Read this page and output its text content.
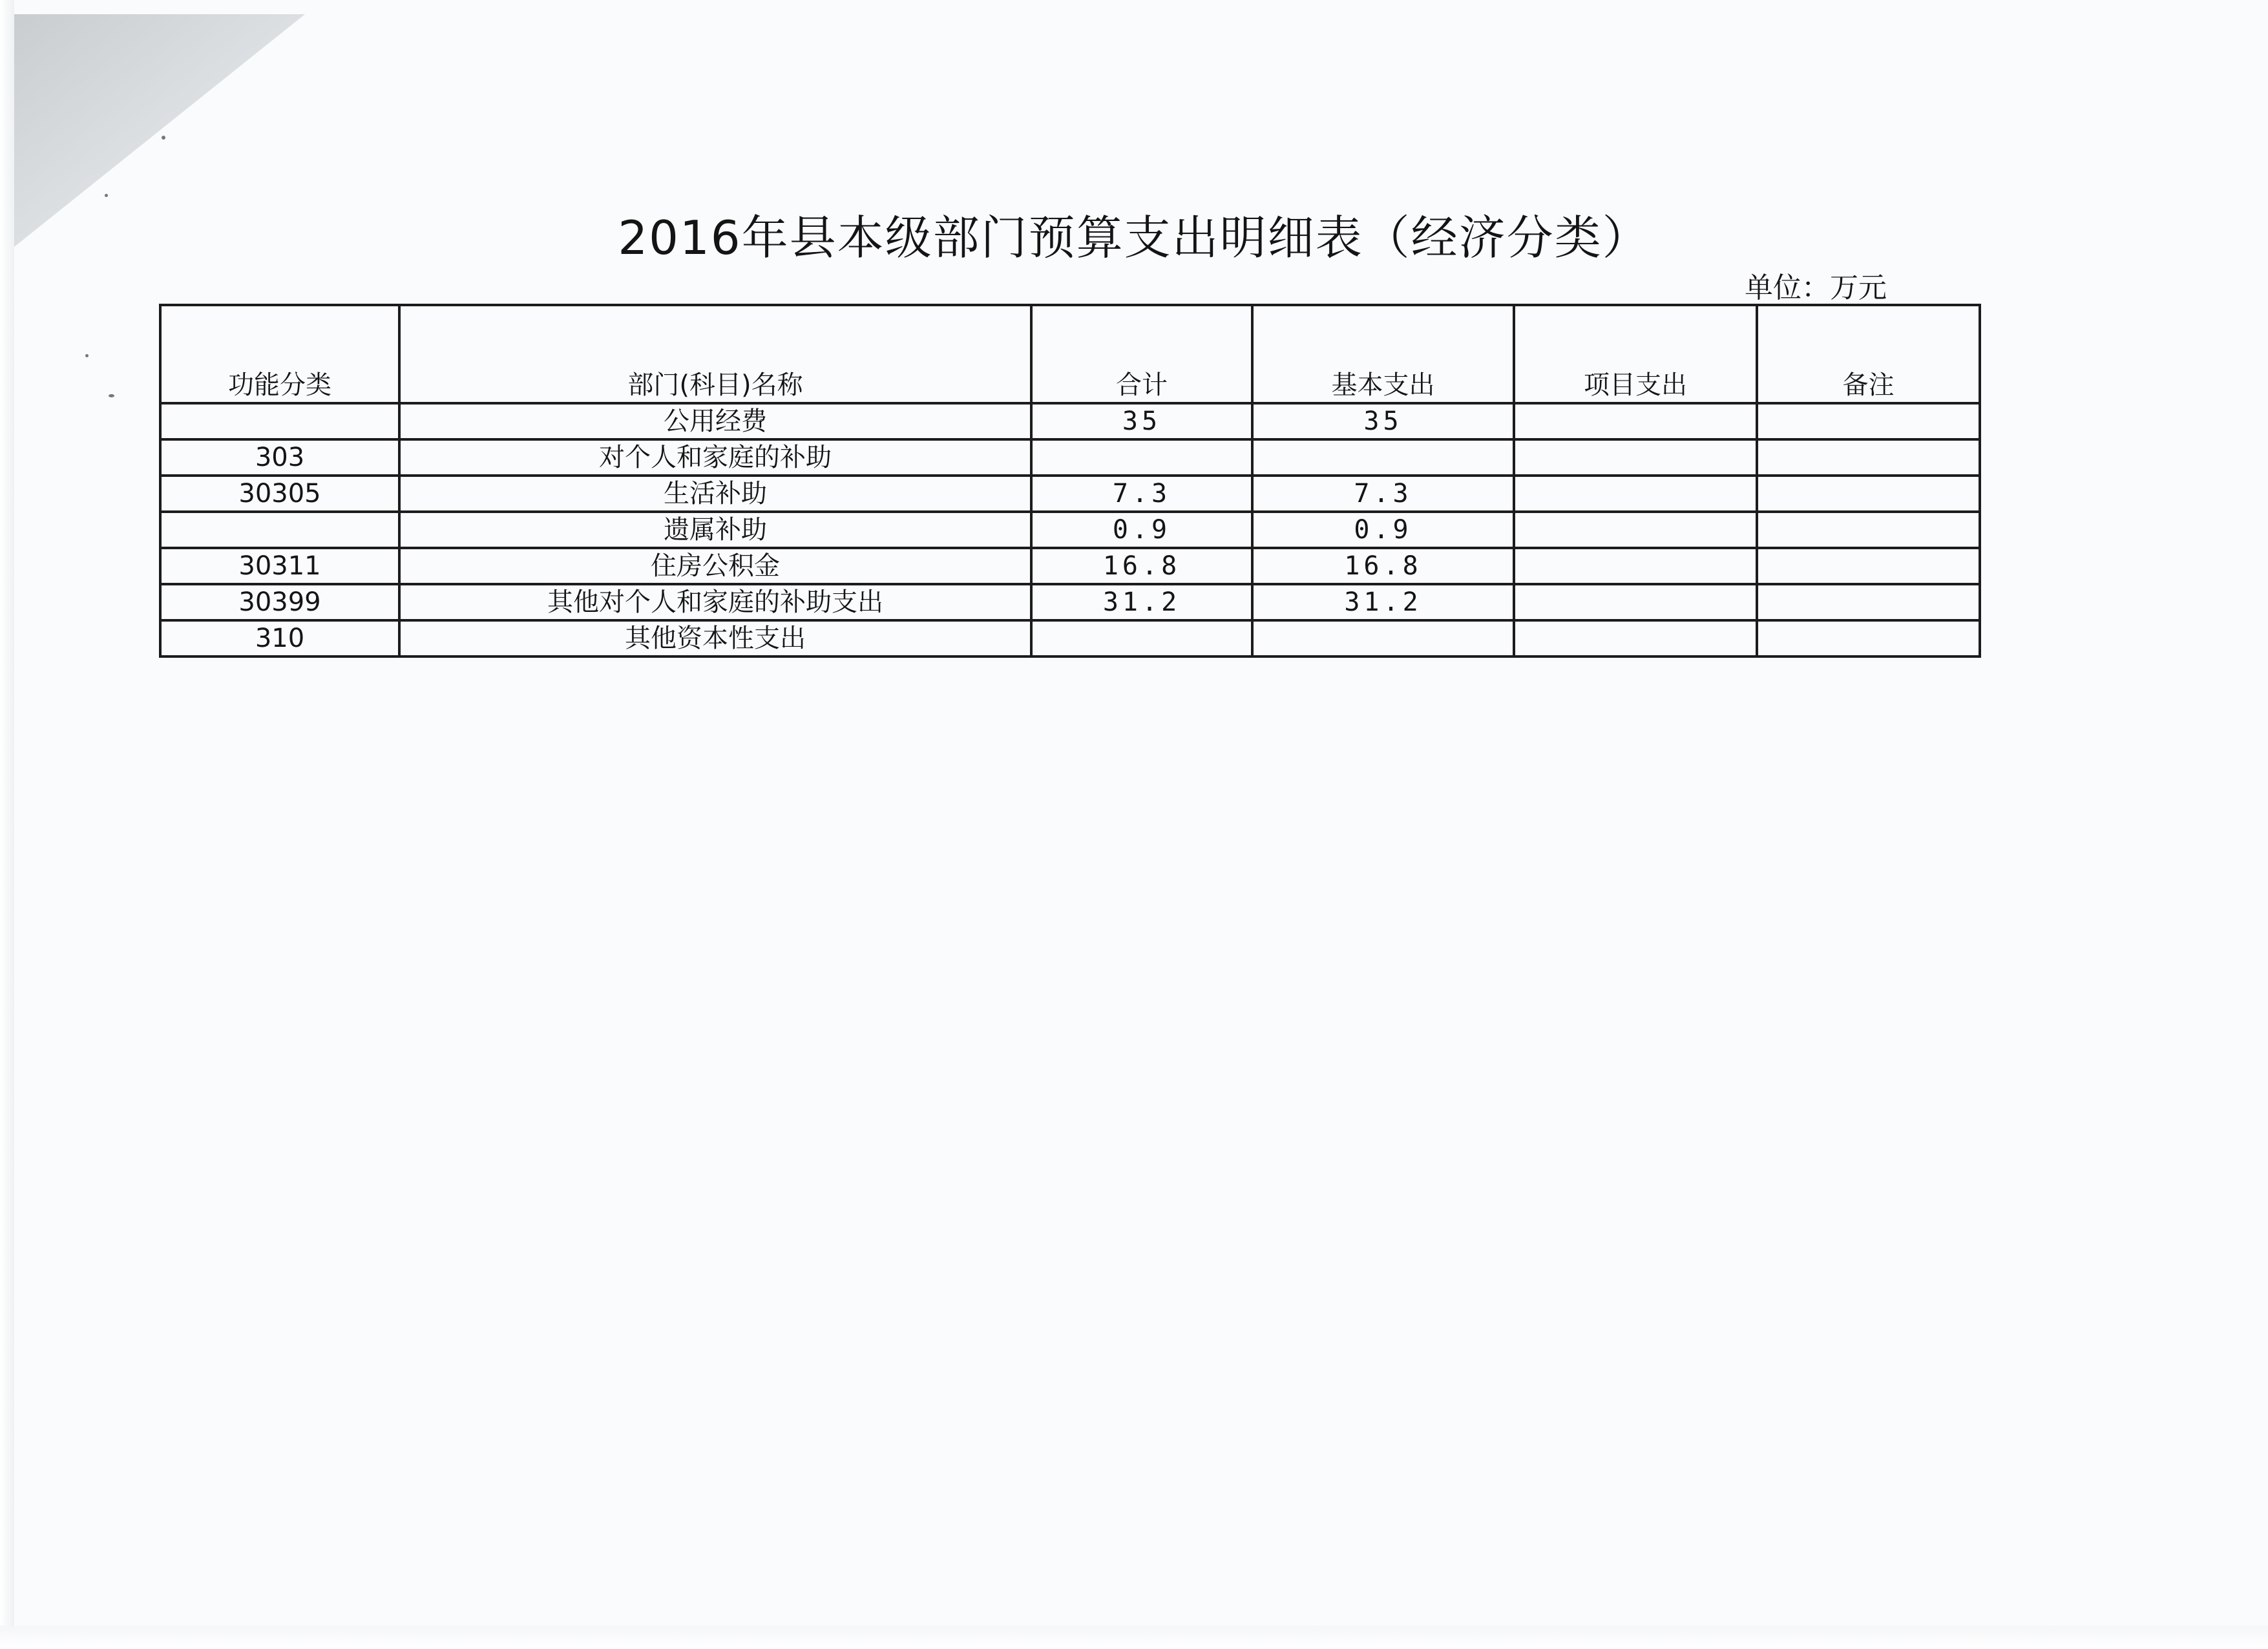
2016年县本级部门预算支出明细表（经济分类）
单位：万元
功能分类	部门(科目)名称	合计	基本支出	项目支出	备注
	公用经费	35	35		
303	对个人和家庭的补助				
30305	生活补助	7.3	7.3		
	遗属补助	0.9	0.9		
30311	住房公积金	16.8	16.8		
30399	其他对个人和家庭的补助支出	31.2	31.2		
310	其他资本性支出				
